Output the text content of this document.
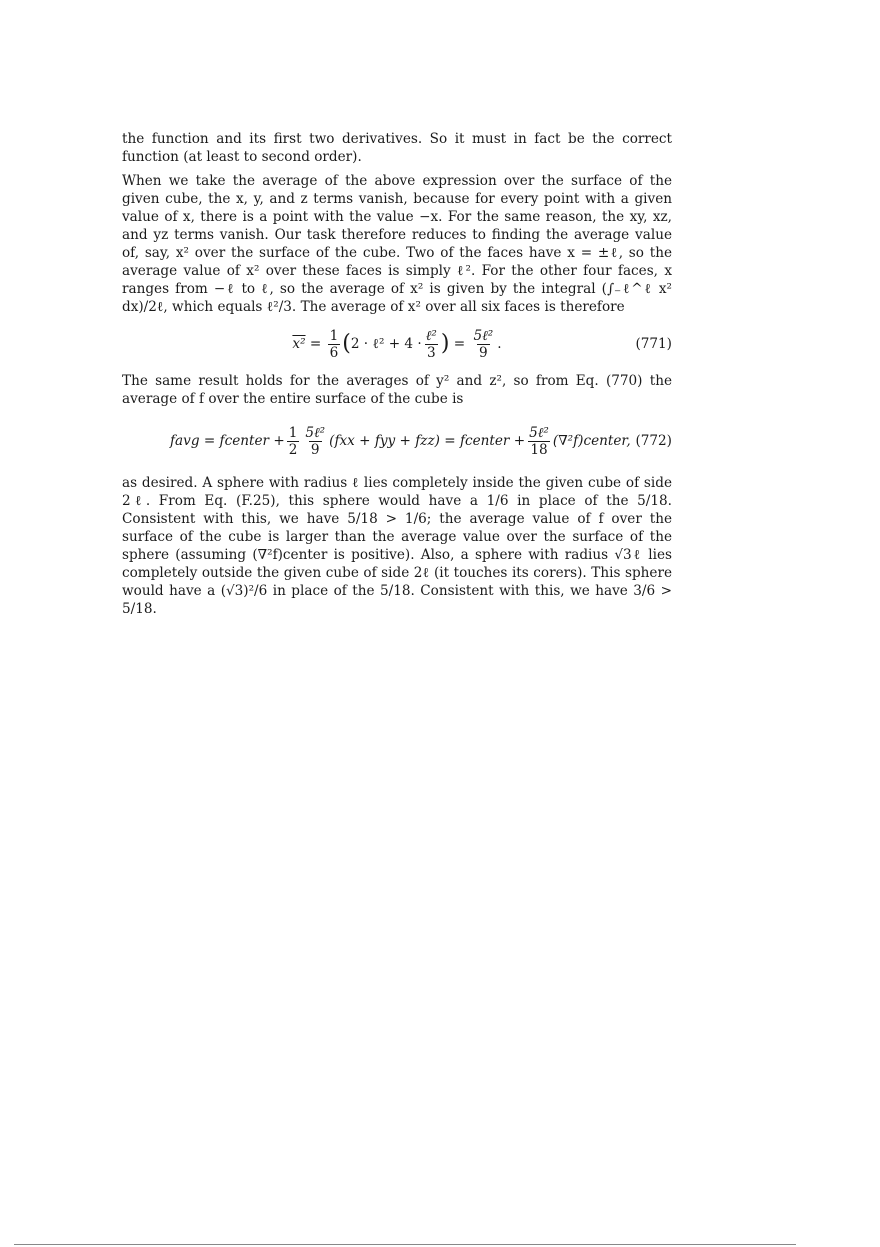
the function and its first two derivatives. So it must in fact be the correct function (at least to second order).

When we take the average of the above expression over the surface of the given cube, the x, y, and z terms vanish, because for every point with a given value of x, there is a point with the value −x. For the same reason, the xy, xz, and yz terms vanish. Our task therefore reduces to finding the average value of, say, x² over the surface of the cube. Two of the faces have x = ±ℓ, so the average value of x² over these faces is simply ℓ². For the other four faces, x ranges from −ℓ to ℓ, so the average of x² is given by the integral (∫₋ℓ^ℓ x² dx)/2ℓ, which equals ℓ²/3. The average of x² over all six faces is therefore

x²
=
$\frac{1}{6}$ ( 2 · ℓ² + $4 \cdot \frac{\text{ℓ²}}{3}$ )
=
$\frac{\text{5ℓ²}}{9}$ .	(771)

The same result holds for the averages of y² and z², so from Eq. (770) the average of f over the entire surface of the cube is

favg = fcenter + $\frac{1}{2} \frac{\text{5ℓ²}}{9} (fxx$ + fyy + fzz) = fcenter + $\frac{\text{5ℓ²}}{18}$ (∇²f)center, (772)

as desired. A sphere with radius ℓ lies completely inside the given cube of side 2ℓ. From Eq. (F.25), this sphere would have a 1/6 in place of the 5/18. Consistent with this, we have 5/18 > 1/6; the average value of f over the surface of the cube is larger than the average value over the surface of the sphere (assuming (∇²f)center is positive). Also, a sphere with radius √3ℓ lies completely outside the given cube of side 2ℓ (it touches its corers). This sphere would have a (√3)²/6 in place of the 5/18. Consistent with this, we have 3/6 > 5/18.
